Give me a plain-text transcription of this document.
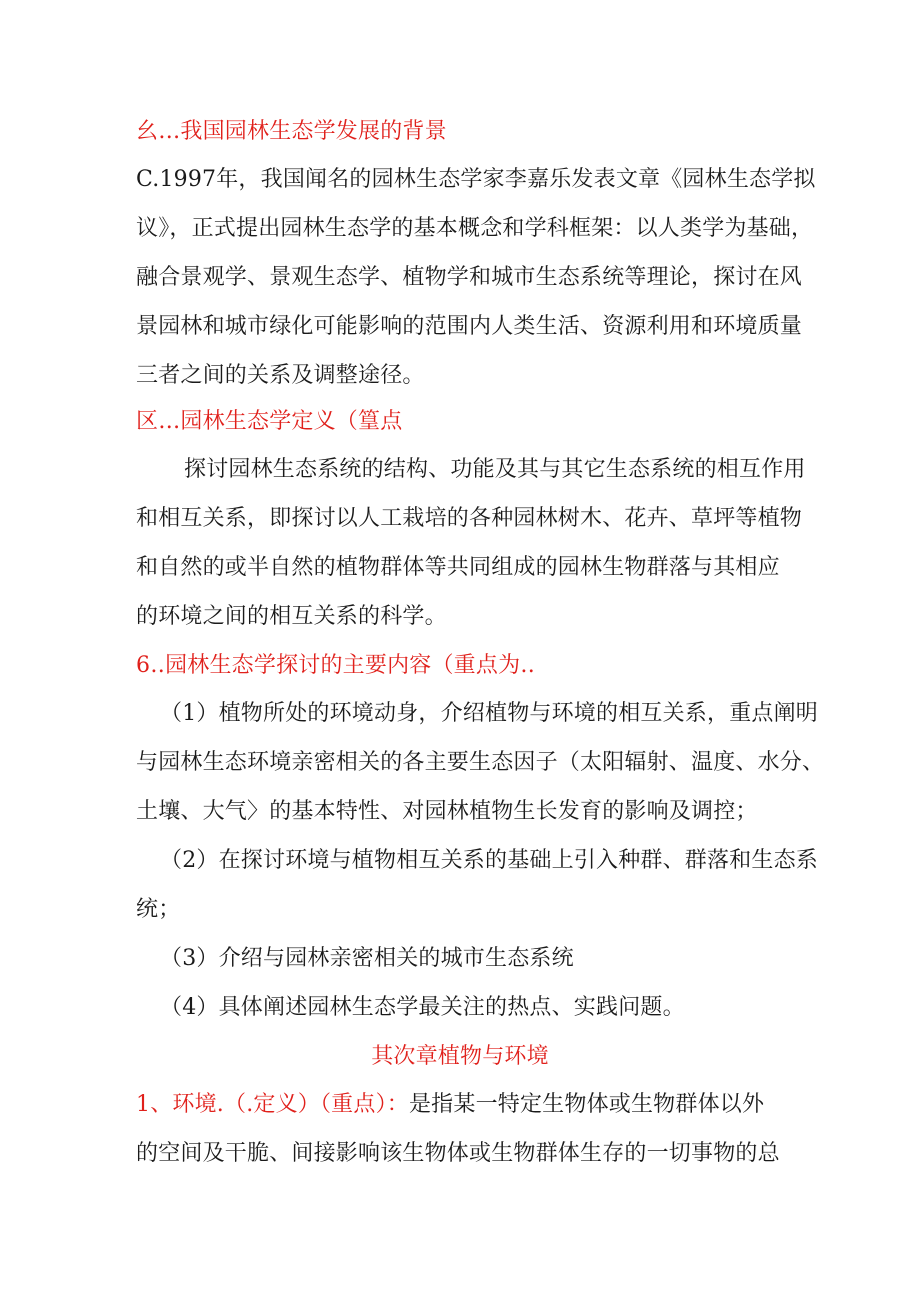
幺…我国园林生态学发展的背景
C.1997年，我国闻名的园林生态学家李嘉乐发表文章《园林生态学拟
议》，正式提出园林生态学的基本概念和学科框架：以人类学为基础，
融合景观学、景观生态学、植物学和城市生态系统等理论，探讨在风
景园林和城市绿化可能影响的范围内人类生活、资源利用和环境质量
三者之间的关系及调整途径。
区…园林生态学定义（篁点
探讨园林生态系统的结构、功能及其与其它生态系统的相互作用
和相互关系，即探讨以人工栽培的各种园林树木、花卉、草坪等植物
和自然的或半自然的植物群体等共同组成的园林生物群落与其相应
的环境之间的相互关系的科学。
6‥园林生态学探讨的主要内容（重点为‥
（1）植物所处的环境动身，介绍植物与环境的相互关系，重点阐明
与园林生态环境亲密相关的各主要生态因子（太阳辐射、温度、水分、
土壤、大气〉的基本特性、对园林植物生长发育的影响及调控；
（2）在探讨环境与植物相互关系的基础上引入种群、群落和生态系
统；
（3）介绍与园林亲密相关的城市生态系统
（4）具体阐述园林生态学最关注的热点、实践问题。
其次章植物与环境
1、环境.（.定义）（重点）：是指某一特定生物体或生物群体以外
的空间及干脆、间接影响该生物体或生物群体生存的一切事物的总
